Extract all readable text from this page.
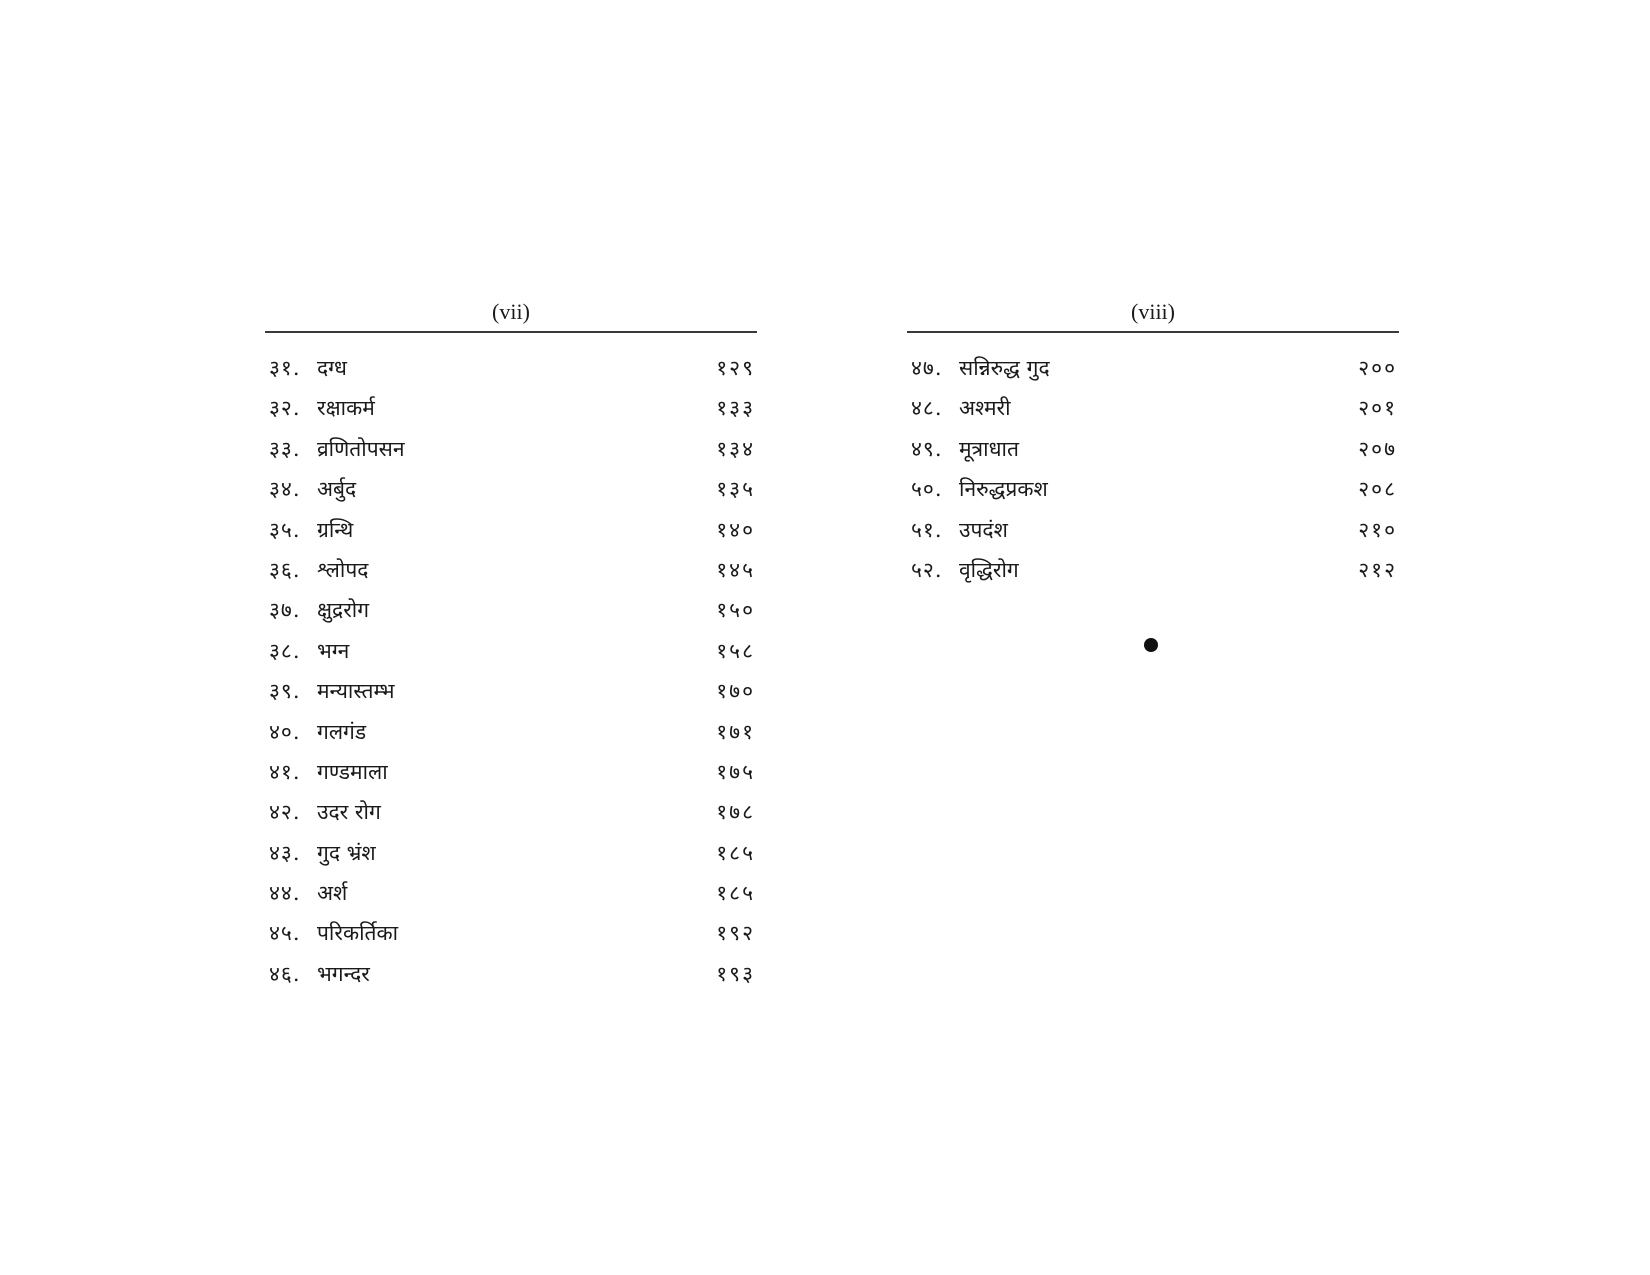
(vii)
३१. दग्ध	१२९
३२. रक्षाकर्म	१३३
३३. व्रणितोपसन	१३४
३४. अर्बुद	१३५
३५. ग्रन्थि	१४०
३६. श्लोपद	१४५
३७. क्षुद्ररोग	१५०
३८. भग्न	१५८
३९. मन्यास्तम्भ	१७०
४०. गलगंड	१७१
४१. गण्डमाला	१७५
४२. उदर रोग	१७८
४३. गुद भ्रंश	१८५
४४. अर्श	१८५
४५. परिकर्तिका	१९२
४६. भगन्दर	१९३
(viii)
४७. सन्निरुद्ध गुद	२००
४८. अश्मरी	२०१
४९. मूत्राधात	२०७
५०. निरुद्धप्रकश	२०८
५१. उपदंश	२१०
५२. वृद्धिरोग	२१२
